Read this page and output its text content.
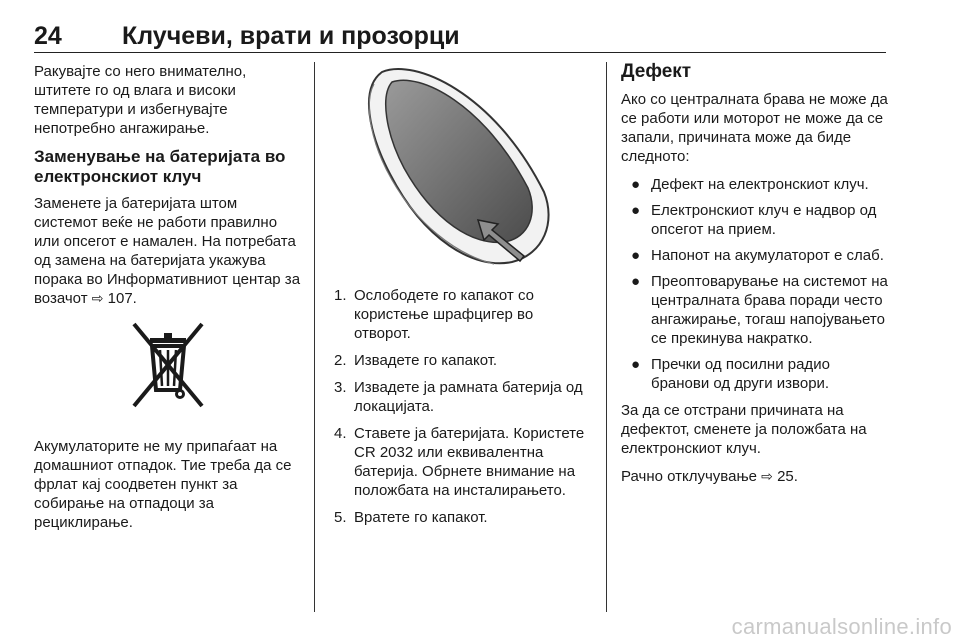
24 Клучеви, врати и прозорци

Ракувајте со него внимателно, штитете го од влага и високи температури и избегнувајте непотребно ангажирање.

Заменување на батеријата во електронскиот клуч

Заменете ја батеријата штом системот веќе не работи правилно или опсегот е намален. На потребата од замена на батеријата укажува порака во Информативниот центар за возачот ⇨ 107.

Акумулаторите не му припаѓаат на домашниот отпадок. Тие треба да се фрлат кај соодветен пункт за собирање на отпадоци за рециклирање.

1. Ослободете го капакот со користење шрафцигер во отворот.
2. Извадете го капакот.
3. Извадете ја рамната батерија од локацијата.
4. Ставете ја батеријата. Користете CR 2032 или еквивалентна батерија. Обрнете внимание на положбата на инсталирањето.
5. Вратете го капакот.
Дефект

Ако со централната брава не може да се работи или моторот не може да се запали, причината може да биде следното:

● Дефект на електронскиот клуч.
● Електронскиот клуч е надвор од опсегот на прием.
● Напонот на акумулаторот е слаб.
● Преоптоварување на системот на централната брава поради често ангажирање, тогаш напојувањето се прекинува накратко.
● Пречки од посилни радио бранови од други извори.

За да се отстрани причината на дефектот, сменете ја положбата на електронскиот клуч.

Рачно отклучување ⇨ 25.

carmanualsonline.info
